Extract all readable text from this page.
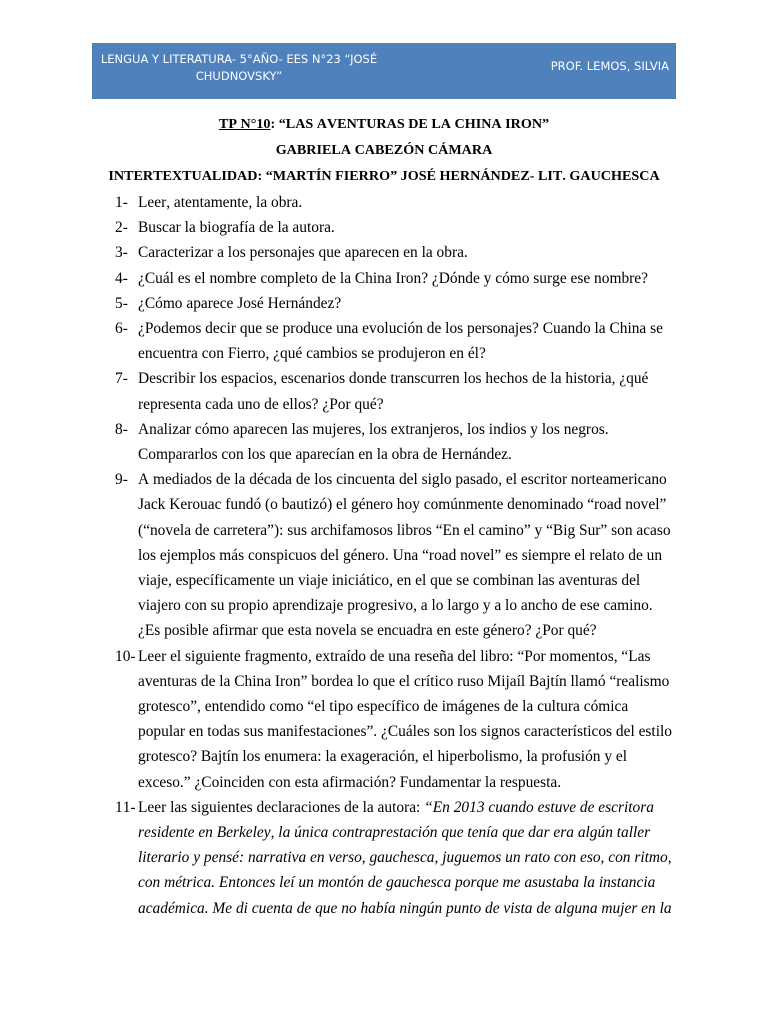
LENGUA Y LITERATURA- 5°AÑO- EES N°23 “JOSÉ CHUDNOVSKY”
PROF. LEMOS, SILVIA
TP N°10: “LAS AVENTURAS DE LA CHINA IRON”
GABRIELA CABEZÓN CÁMARA
INTERTEXTUALIDAD: “MARTÍN FIERRO” JOSÉ HERNÁNDEZ- LIT. GAUCHESCA
1- Leer, atentamente, la obra.
2- Buscar la biografía de la autora.
3- Caracterizar a los personajes que aparecen en la obra.
4- ¿Cuál es el nombre completo de la China Iron? ¿Dónde y cómo surge ese nombre?
5- ¿Cómo aparece José Hernández?
6- ¿Podemos decir que se produce una evolución de los personajes? Cuando la China se encuentra con Fierro, ¿qué cambios se produjeron en él?
7- Describir los espacios, escenarios donde transcurren los hechos de la historia, ¿qué representa cada uno de ellos? ¿Por qué?
8- Analizar cómo aparecen las mujeres, los extranjeros, los indios y los negros. Compararlos con los que aparecían en la obra de Hernández.
9- A mediados de la década de los cincuenta del siglo pasado, el escritor norteamericano Jack Kerouac fundó (o bautizó) el género hoy comúnmente denominado “road novel” (“novela de carretera”): sus archifamosos libros “En el camino” y “Big Sur” son acaso los ejemplos más conspicuos del género. Una “road novel” es siempre el relato de un viaje, específicamente un viaje iniciático, en el que se combinan las aventuras del viajero con su propio aprendizaje progresivo, a lo largo y a lo ancho de ese camino. ¿Es posible afirmar que esta novela se encuadra en este género? ¿Por qué?
10- Leer el siguiente fragmento, extraído de una reseña del libro: “Por momentos, “Las aventuras de la China Iron” bordea lo que el crítico ruso Mijaíl Bajtín llamó “realismo grotesco”, entendido como “el tipo específico de imágenes de la cultura cómica popular en todas sus manifestaciones”. ¿Cuáles son los signos característicos del estilo grotesco? Bajtín los enumera: la exageración, el hiperbolismo, la profusión y el exceso.” ¿Coinciden con esta afirmación? Fundamentar la respuesta.
11- Leer las siguientes declaraciones de la autora: “En 2013 cuando estuve de escritora residente en Berkeley, la única contraprestación que tenía que dar era algún taller literario y pensé: narrativa en verso, gauchesca, juguemos un rato con eso, con ritmo, con métrica. Entonces leí un montón de gauchesca porque me asustaba la instancia académica. Me di cuenta de que no había ningún punto de vista de alguna mujer en la
